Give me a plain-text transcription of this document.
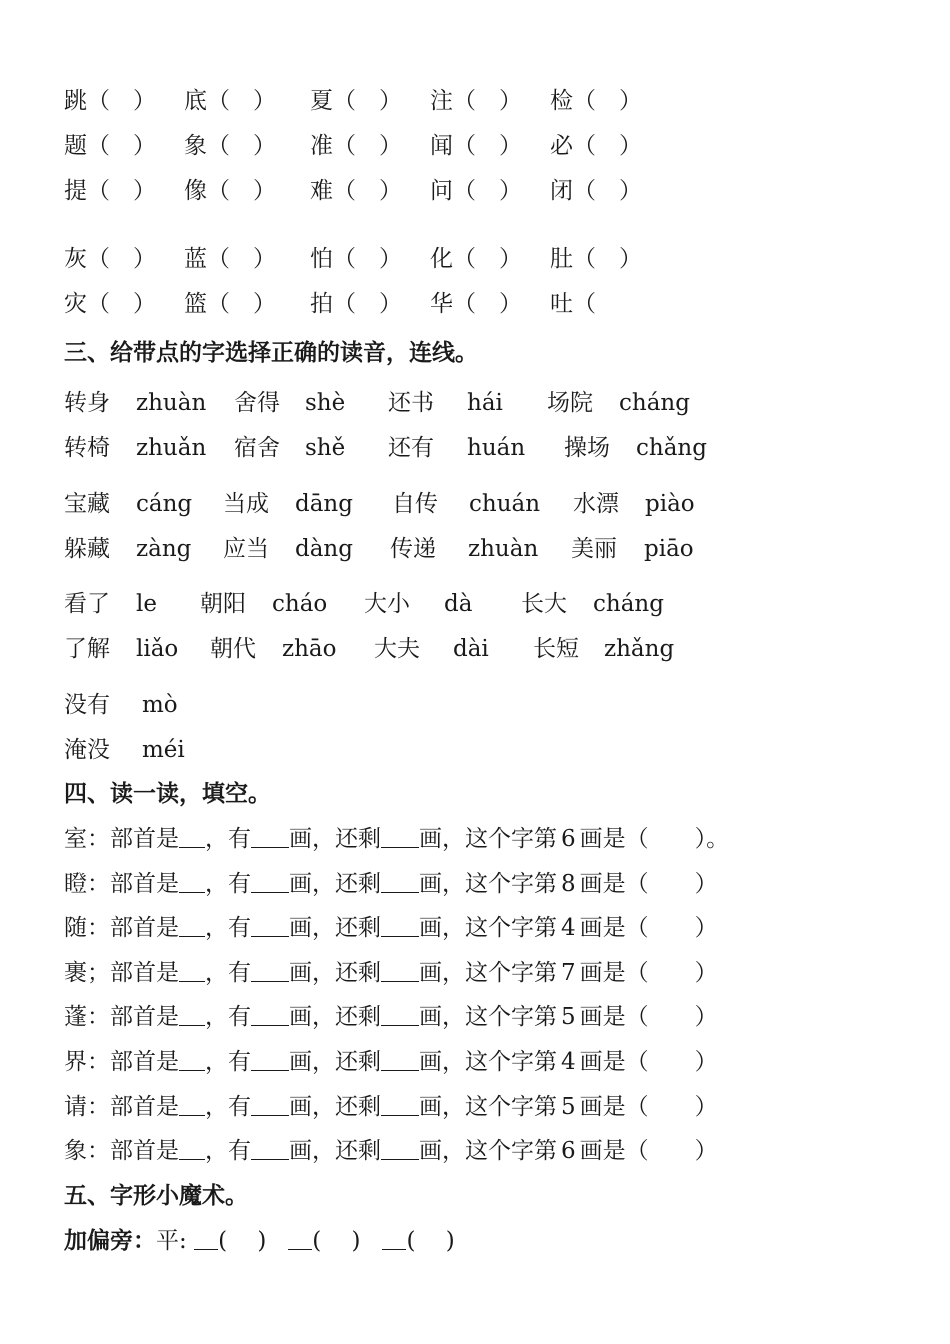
跳（　） 底（　） 夏（　） 注（　） 检（　）
题（　） 象（　） 准（　） 闻（　） 必（　）
提（　） 像（　） 难（　） 问（　） 闭（　）
灰（　） 蓝（　） 怕（　） 化（　） 肚（　）
灾（　） 篮（　） 拍（　） 华（　） 吐（
三、给带点的字选择正确的读音，连线。
转身 zhuàn 舍得 shè 还书 hái 场院 cháng
转椅 zhuǎn 宿舍 shě 还有 huán 操场 chǎng
宝藏 cáng 当成 dāng 自传 chuán 水漂 piào
躲藏 zàng 应当 dàng 传递 zhuàn 美丽 piāo
看了 le 朝阳 cháo 大小 dà 长大 cháng
了解 liǎo 朝代 zhāo 大夫 dài 长短 zhǎng
没有 mò
淹没 méi
四、读一读，填空。
室：部首是 ，有 画，还剩 画，这个字第 6 画是（　　）。
瞪：部首是 ，有 画，还剩 画，这个字第 8 画是（　　）
随：部首是 ，有 画，还剩 画，这个字第 4 画是（　　）
裹；部首是 ，有 画，还剩 画，这个字第 7 画是（　　）
蓬：部首是 ，有 画，还剩 画，这个字第 5 画是（　　）
界：部首是 ，有 画，还剩 画，这个字第 4 画是（　　）
请：部首是 ，有 画，还剩 画，这个字第 5 画是（　　）
象：部首是 ，有 画，还剩 画，这个字第 6 画是（　　）
五、字形小魔术。
加偏旁：平: (　 ) (　 ) (　 )
